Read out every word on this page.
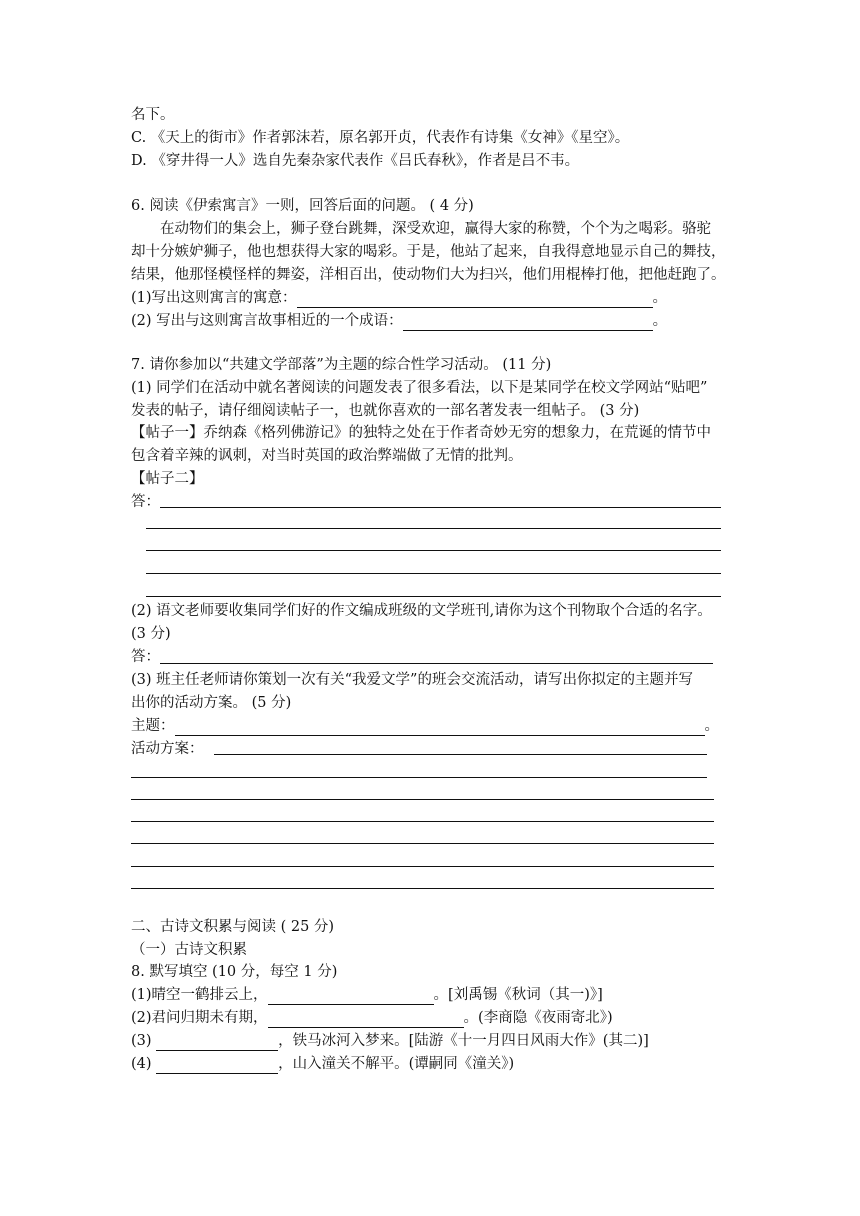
名下。
C. 《天上的街市》作者郭沫若，原名郭开贞，代表作有诗集《女神》《星空》。
D. 《穿井得一人》选自先秦杂家代表作《吕氏春秋》，作者是吕不韦。
6. 阅读《伊索寓言》一则，回答后面的问题。 ( 4 分)
在动物们的集会上，狮子登台跳舞，深受欢迎，赢得大家的称赞，个个为之喝彩。骆驼
却十分嫉妒狮子，他也想获得大家的喝彩。于是，他站了起来，自我得意地显示自己的舞技，
结果，他那怪模怪样的舞姿，洋相百出，使动物们大为扫兴，他们用棍棒打他，把他赶跑了。
(1)写出这则寓言的寓意：	。
(2) 写出与这则寓言故事相近的一个成语：	。
7. 请你参加以“共建文学部落”为主题的综合性学习活动。 (11 分)
(1) 同学们在活动中就名著阅读的问题发表了很多看法，以下是某同学在校文学网站“贴吧”
发表的帖子，请仔细阅读帖子一，也就你喜欢的一部名著发表一组帖子。 (3 分)
【帖子一】乔纳森《格列佛游记》的独特之处在于作者奇妙无穷的想象力，在荒诞的情节中
包含着辛辣的讽刺，对当时英国的政治弊端做了无情的批判。
【帖子二】
答：
(2) 语文老师要收集同学们好的作文编成班级的文学班刊,请你为这个刊物取个合适的名字。
(3 分)
答：
(3) 班主任老师请你策划一次有关“我爱文学”的班会交流活动，请写出你拟定的主题并写
出你的活动方案。 (5 分)
主题：	。
活动方案：
二、古诗文积累与阅读 ( 25 分)
（一）古诗文积累
8. 默写填空 (10 分，每空 1 分)
(1)晴空一鹤排云上，	。[刘禹锡《秋词（其一)》]
(2)君问归期未有期，	。(李商隐《夜雨寄北》)
(3)	，铁马冰河入梦来。[陆游《十一月四日风雨大作》(其二)]
(4)	，山入潼关不解平。(谭嗣同《潼关》)
